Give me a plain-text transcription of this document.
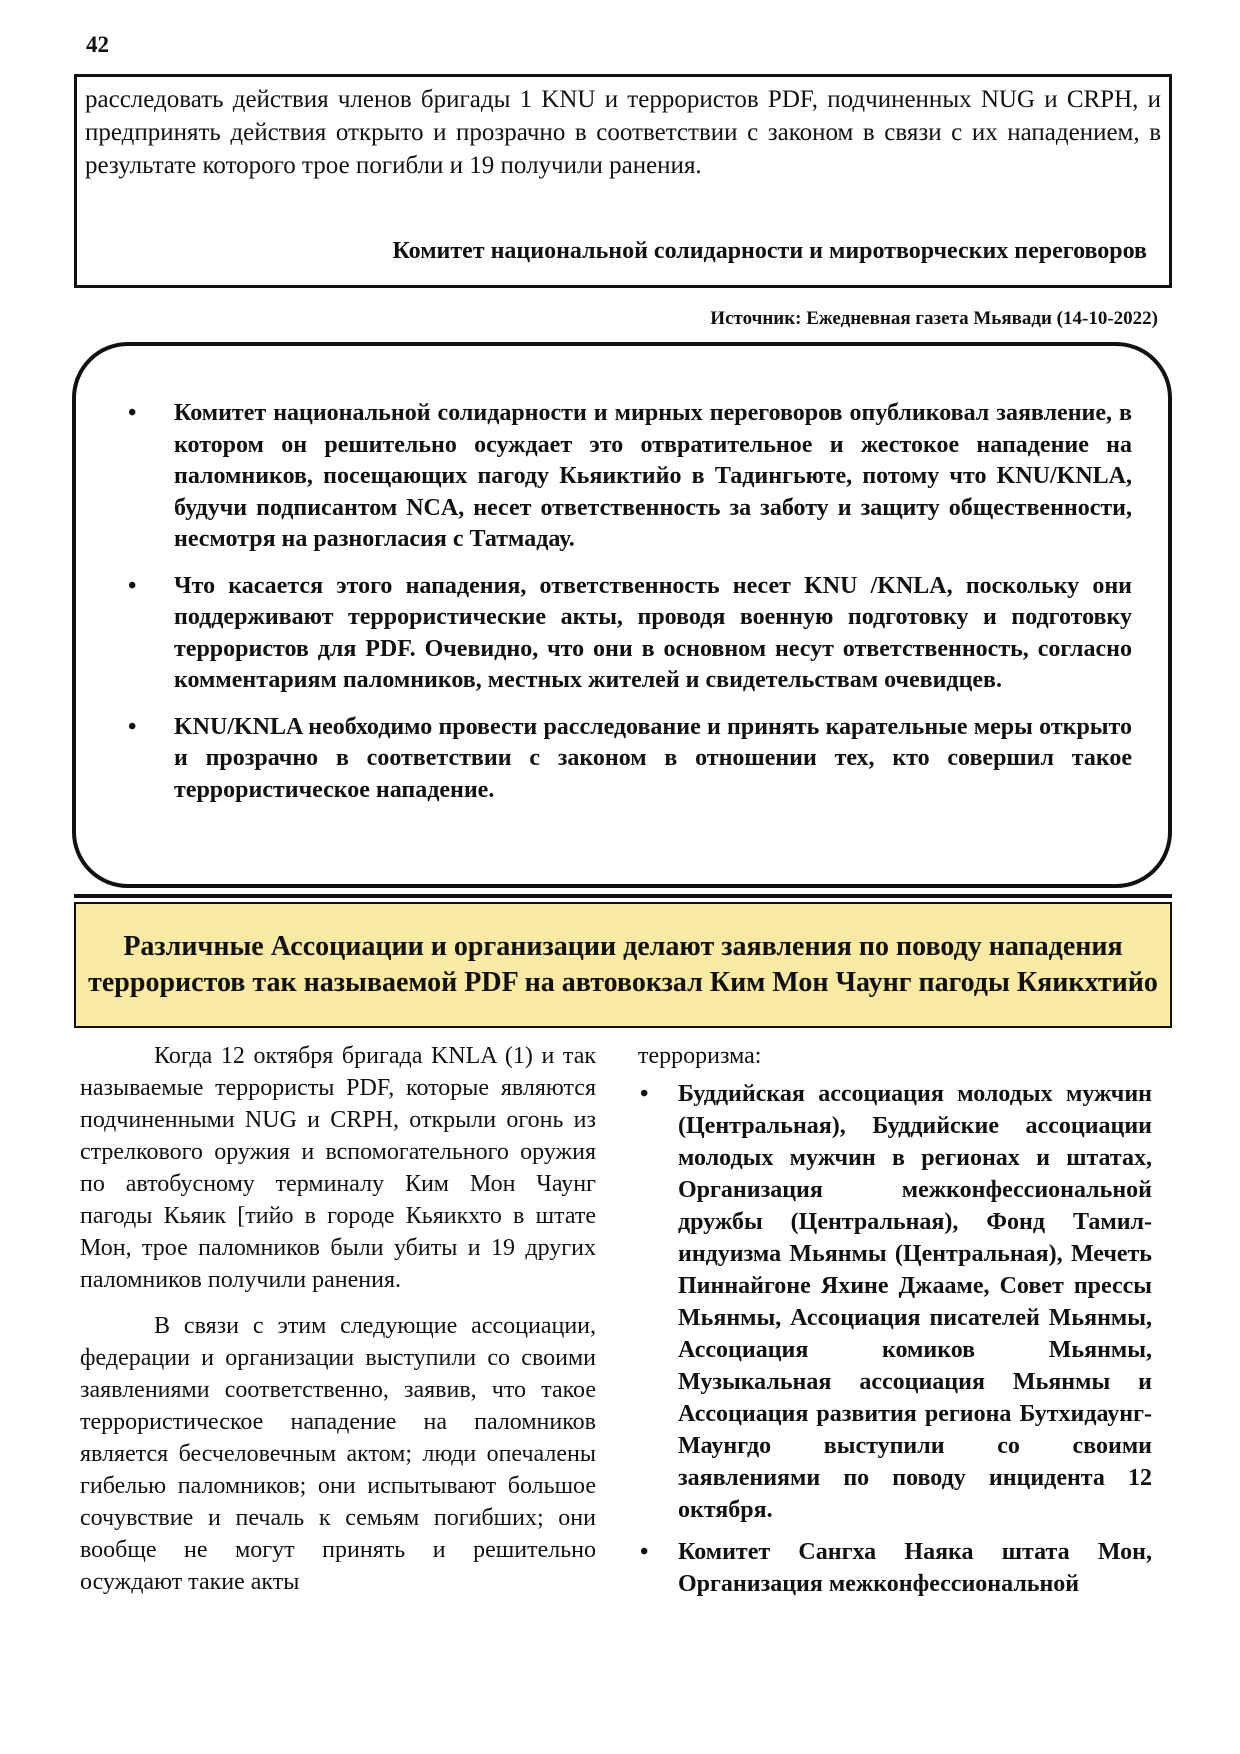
42

расследовать действия членов бригады 1 KNU и террористов PDF, подчиненных NUG и CRPH, и предпринять действия открыто и прозрачно в соответствии с законом в связи с их нападением, в результате которого трое погибли и 19 получили ранения.

Комитет национальной солидарности и миротворческих переговоров
Источник: Ежедневная газета Мьявади (14-10-2022)
• Комитет национальной солидарности и мирных переговоров опубликовал заявление, в котором он решительно осуждает это отвратительное и жестокое нападение на паломников, посещающих пагоду Кьяиктийо в Тадингьюте, потому что KNU/KNLA, будучи подписантом NCA, несет ответственность за заботу и защиту общественности, несмотря на разногласия с Татмадау.
• Что касается этого нападения, ответственность несет KNU /KNLA, поскольку они поддерживают террористические акты, проводя военную подготовку и подготовку террористов для PDF. Очевидно, что они в основном несут ответственность, согласно комментариям паломников, местных жителей и свидетельствам очевидцев.
• KNU/KNLA необходимо провести расследование и принять карательные меры открыто и прозрачно в соответствии с законом в отношении тех, кто совершил такое террористическое нападение.
Различные Ассоциации и организации делают заявления по поводу нападения террористов так называемой PDF на автовокзал Ким Мон Чаунг пагоды Кяикхтийо

Когда 12 октября бригада KNLA (1) и так называемые террористы PDF, которые являются подчиненными NUG и CRPH, открыли огонь из стрелкового оружия и вспомогательного оружия по автобусному терминалу Ким Мон Чаунг пагоды Кьяик [тийо в городе Кьяикхто в штате Мон, трое паломников были убиты и 19 других паломников получили ранения.

В связи с этим следующие ассоциации, федерации и организации выступили со своими заявлениями соответственно, заявив, что такое террористическое нападение на паломников является бесчеловечным актом; люди опечалены гибелью паломников; они испытывают большое сочувствие и печаль к семьям погибших; они вообще не могут принять и решительно осуждают такие акты

терроризма:

• Буддийская ассоциация молодых мужчин (Центральная), Буддийские ассоциации молодых мужчин в регионах и штатах, Организация межконфессиональной дружбы (Центральная), Фонд Тамил-индуизма Мьянмы (Центральная), Мечеть Пиннайгоне Яхине Джааме, Совет прессы Мьянмы, Ассоциация писателей Мьянмы, Ассоциация комиков Мьянмы, Музыкальная ассоциация Мьянмы и Ассоциация развития региона Бутхидаунг-Маунгдо выступили со своими заявлениями по поводу инцидента 12 октября.
• Комитет Сангха Наяка штата Мон, Организация межконфессиональной
